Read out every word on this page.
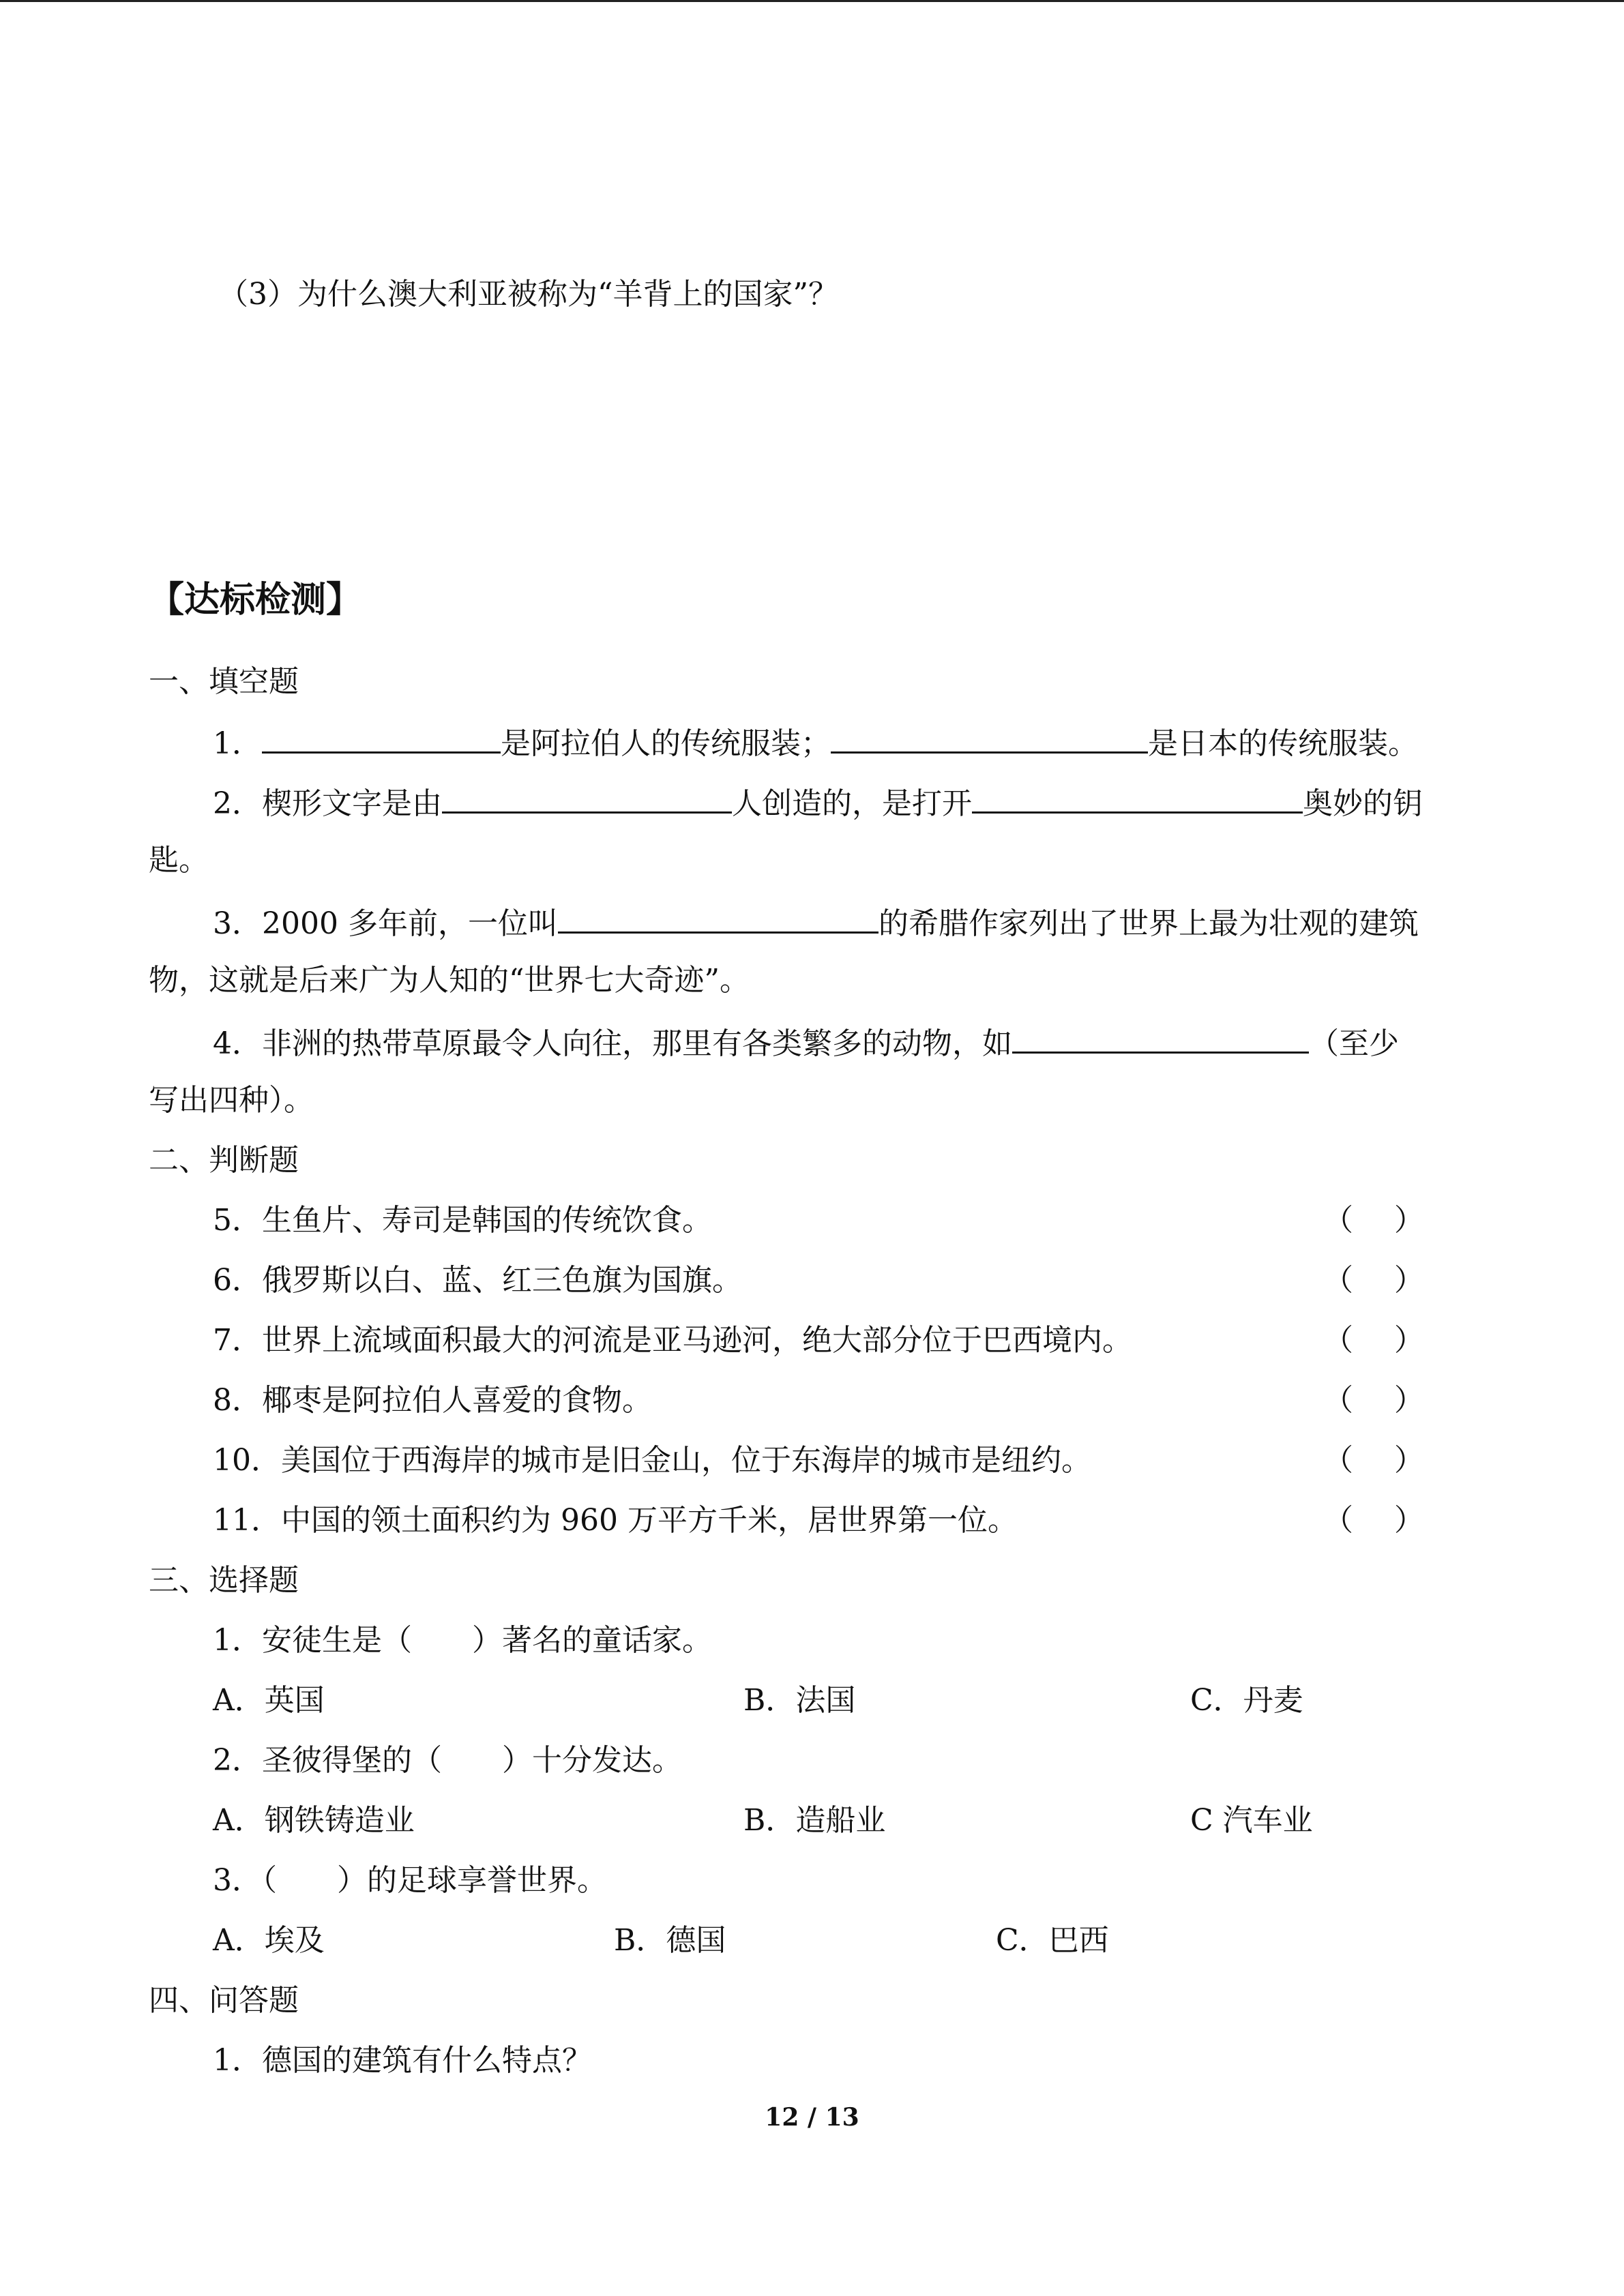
（3）为什么澳大利亚被称为“羊背上的国家”？
【达标检测】
一、填空题
1．	是阿拉伯人的传统服装；	是日本的传统服装。
2．楔形文字是由	人创造的，是打开	奥妙的钥
匙。
3．2000 多年前，一位叫	的希腊作家列出了世界上最为壮观的建筑
物，这就是后来广为人知的“世界七大奇迹”。
4．非洲的热带草原最令人向往，那里有各类繁多的动物，如	（至少
写出四种）。
二、判断题
5．生鱼片、寿司是韩国的传统饮食。	（ ）
6．俄罗斯以白、蓝、红三色旗为国旗。	（ ）
7．世界上流域面积最大的河流是亚马逊河，绝大部分位于巴西境内。	（ ）
8．椰枣是阿拉伯人喜爱的食物。	（ ）
10．美国位于西海岸的城市是旧金山，位于东海岸的城市是纽约。	（ ）
11．中国的领土面积约为 960 万平方千米，居世界第一位。	（ ）
三、选择题
1．安徒生是（　　）著名的童话家。
A．英国	B．法国	C．丹麦
2．圣彼得堡的（　　）十分发达。
A．钢铁铸造业	B．造船业	C 汽车业
3．（　　）的足球享誉世界。
A．埃及	B．德国	C．巴西
四、问答题
1．德国的建筑有什么特点？
12 / 13
